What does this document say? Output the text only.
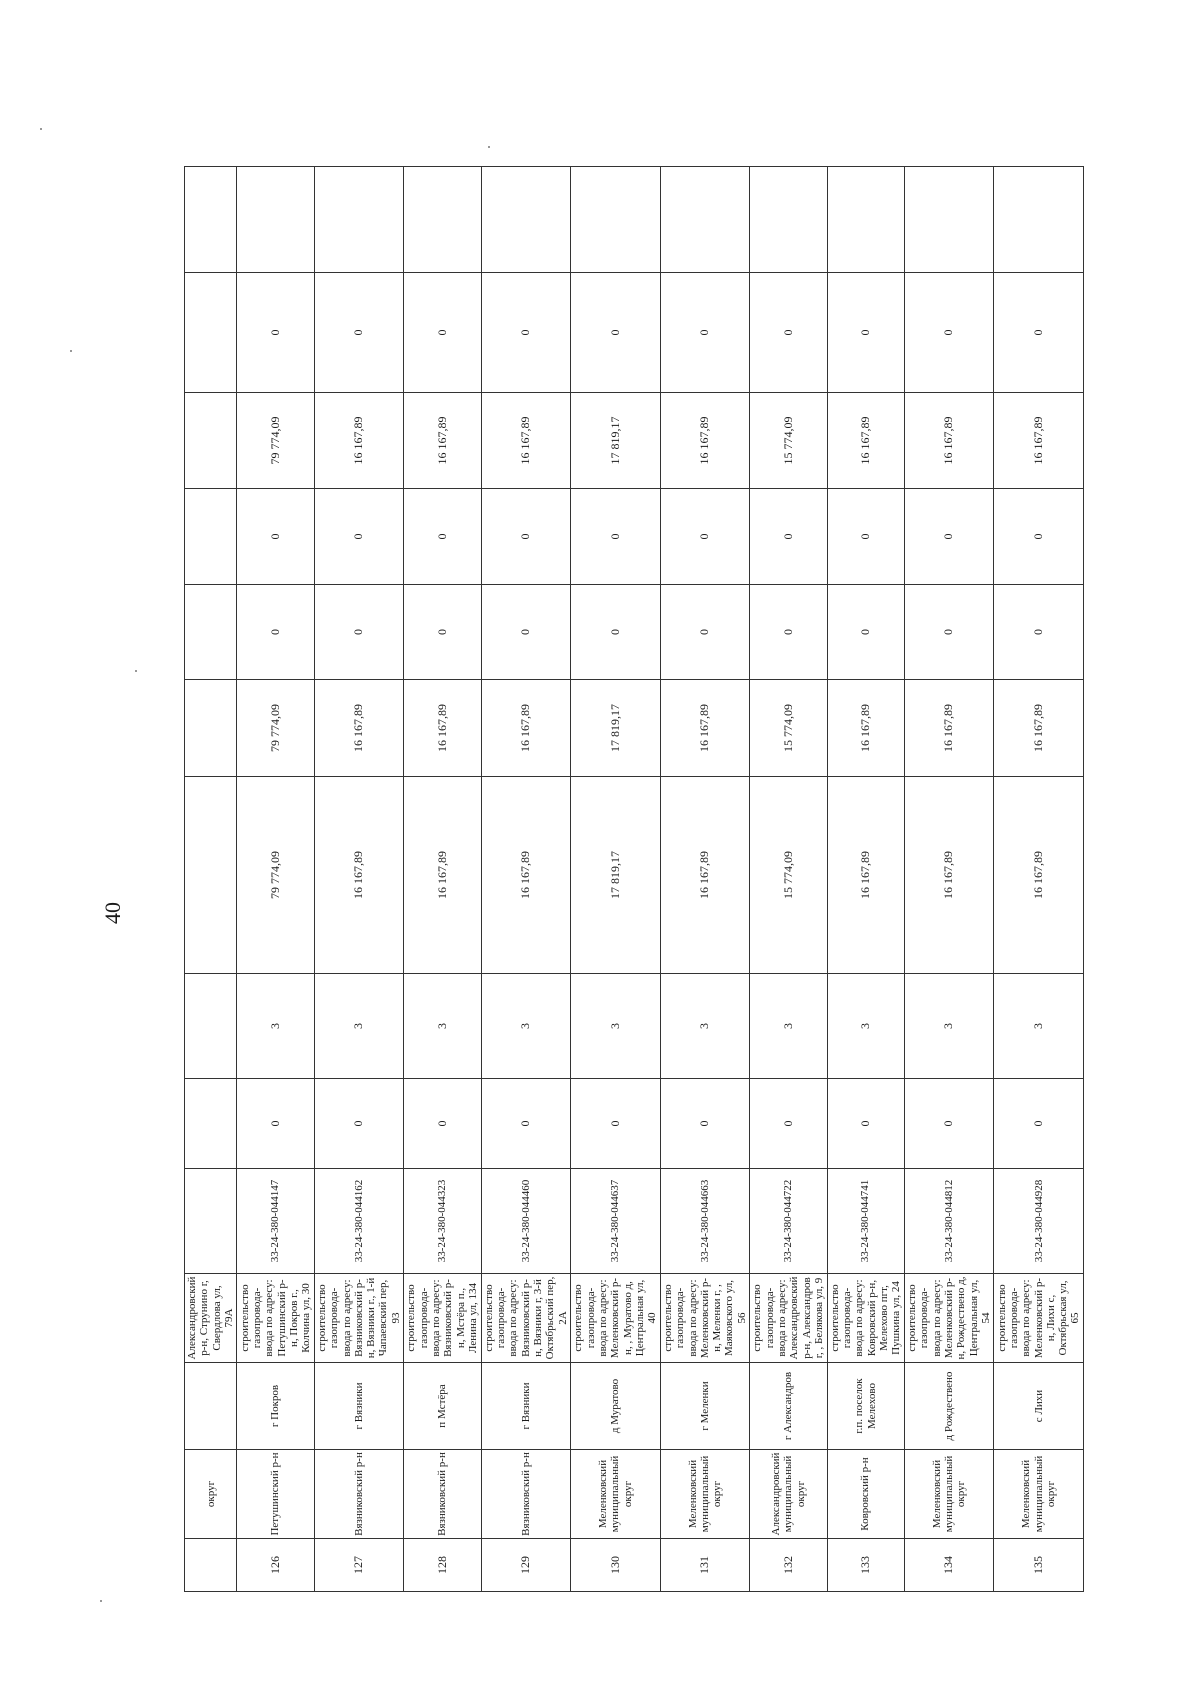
40
	округ		Александровский р-н, Струнино г, Свердлова ул, 79А										
126	Петушинский р-н	г Покров	строительство газопровода-ввода по адресу: Петушинский р-н, Покров г., Колчина ул, 30	33-24-380-044147	0	3	79 774,09	79 774,09	0	0	79 774,09	0	
127	Вязниковский р-н	г Вязники	строительство газопровода-ввода по адресу: Вязниковский р-н, Вязники г., 1-й Чапаевский пер, 93	33-24-380-044162	0	3	16 167,89	16 167,89	0	0	16 167,89	0	
128	Вязниковский р-н	п Мстёра	строительство газопровода-ввода по адресу: Вязниковский р-н, Мстёра п., Ленина ул, 134	33-24-380-044323	0	3	16 167,89	16 167,89	0	0	16 167,89	0	
129	Вязниковский р-н	г Вязники	строительство газопровода-ввода по адресу: Вязниковский р-н, Вязники г, 3-й Октябрьский пер, 2А	33-24-380-044460	0	3	16 167,89	16 167,89	0	0	16 167,89	0	
130	Меленковский муниципальный округ	д Муратово	строительство газопровода-ввода по адресу: Меленковский р-н, , Муратово д, Центральная ул, 40	33-24-380-044637	0	3	17 819,17	17 819,17	0	0	17 819,17	0	
131	Меленковский муниципальный округ	г Меленки	строительство газопровода-ввода по адресу: Меленковский р-н, Меленки г, , Маяковского ул, 56	33-24-380-044663	0	3	16 167,89	16 167,89	0	0	16 167,89	0	
132	Александровский муниципальный округ	г Александров	строительство газопровода-ввода по адресу: Александровский р-н, Александров г, , Белякова ул, 9	33-24-380-044722	0	3	15 774,09	15 774,09	0	0	15 774,09	0	
133	Ковровский р-н	г.п. поселок Мелехово	строительство газопровода-ввода по адресу: Ковровский р-н, Мелехово пгт, Пушкина ул, 24	33-24-380-044741	0	3	16 167,89	16 167,89	0	0	16 167,89	0	
134	Меленковский муниципальный округ	д Рождествено	строительство газопровода-ввода по адресу: Меленковский р-н, Рождествено д, Центральная ул, 54	33-24-380-044812	0	3	16 167,89	16 167,89	0	0	16 167,89	0	
135	Меленковский муниципальный округ	с Лихи	строительство газопровода-ввода по адресу: Меленковский р-н, Лихи с, Октябрьская ул, 65	33-24-380-044928	0	3	16 167,89	16 167,89	0	0	16 167,89	0	
